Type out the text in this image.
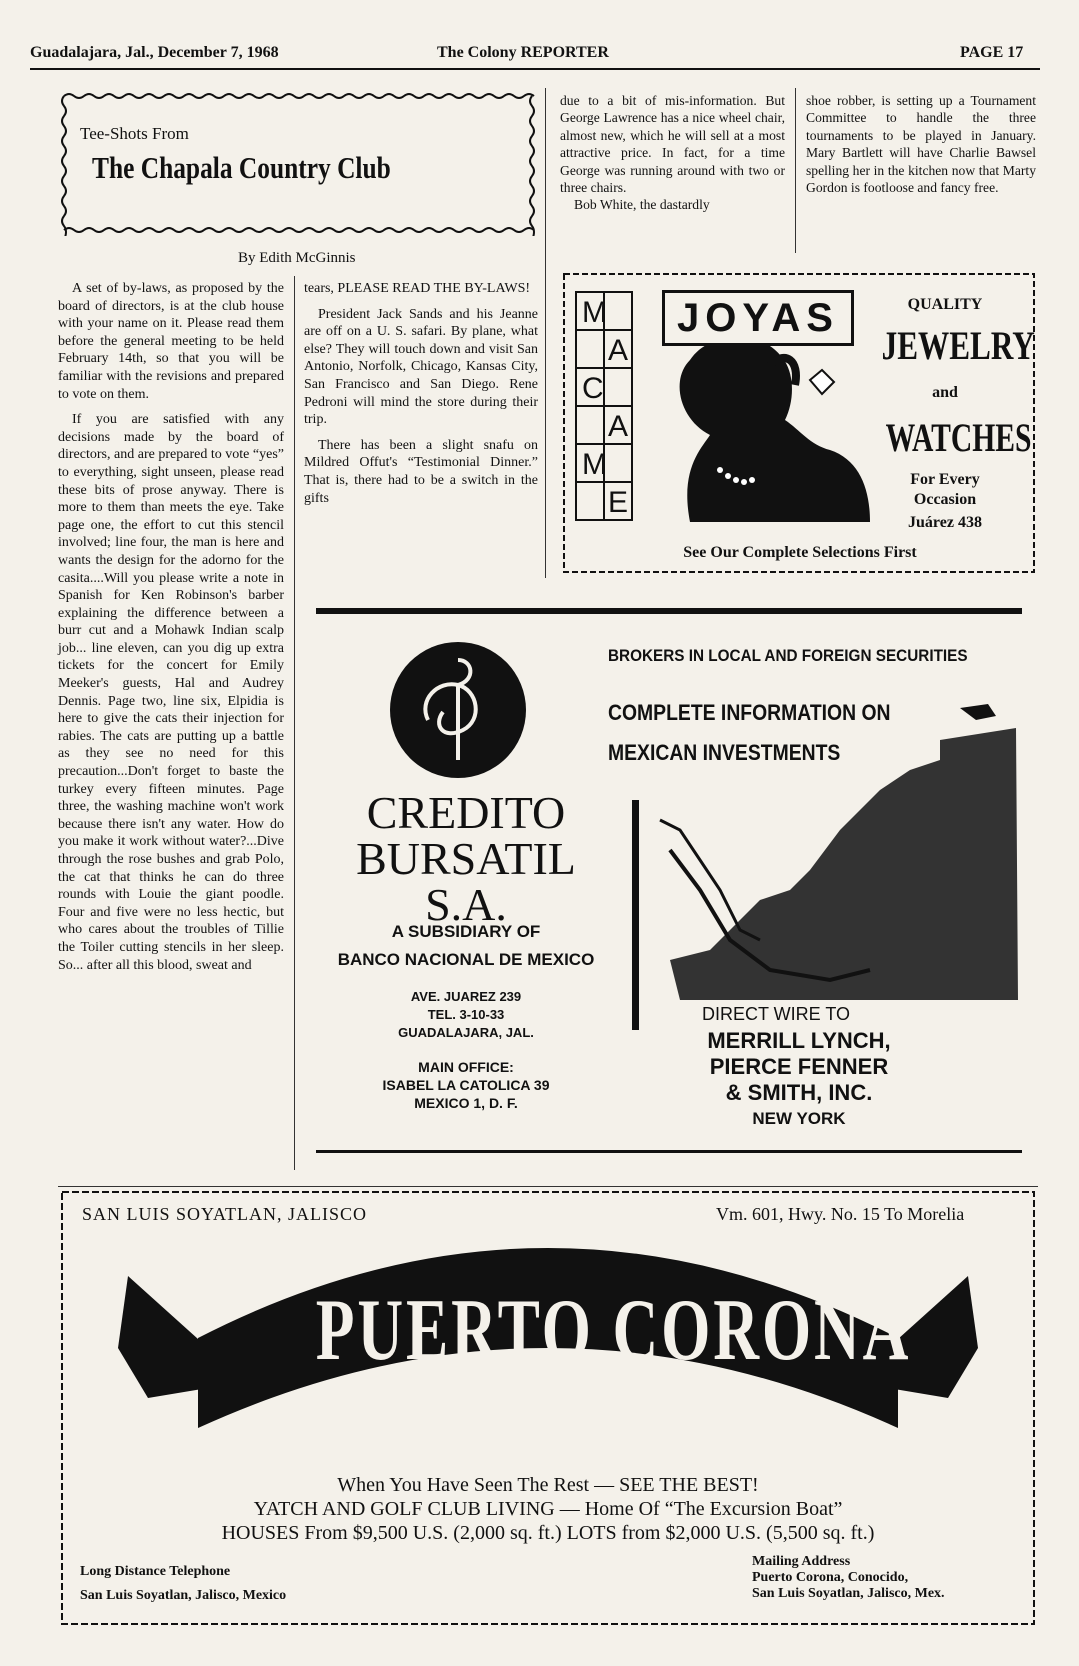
Guadalajara, Jal., December 7, 1968	The Colony REPORTER	PAGE 17
Tee-Shots From
The Chapala Country Club
By Edith McGinnis

A set of by-laws, as proposed by the board of directors, is at the club house with your name on it. Please read them before the general meeting to be held February 14th, so that you will be familiar with the revisions and prepared to vote on them.

If you are satisfied with any decisions made by the board of directors, and are prepared to vote “yes” to everything, sight unseen, please read these bits of prose anyway. There is more to them than meets the eye. Take page one, the effort to cut this stencil involved; line four, the man is here and wants the design for the adorno for the casita....Will you please write a note in Spanish for Ken Robinson's barber explaining the difference between a burr cut and a Mohawk Indian scalp job... line eleven, can you dig up extra tickets for the concert for Emily Meeker's guests, Hal and Audrey Dennis. Page two, line six, Elpidia is here to give the cats their injection for rabies. The cats are putting up a battle as they see no need for this precaution...Don't forget to baste the turkey every fifteen minutes. Page three, the washing machine won't work because there isn't any water. How do you make it work without water?...Dive through the rose bushes and grab Polo, the cat that thinks he can do three rounds with Louie the giant poodle. Four and five were no less hectic, but who cares about the troubles of Tillie the Toiler cutting stencils in her sleep. So... after all this blood, sweat and

tears, PLEASE READ THE BY-LAWS!

President Jack Sands and his Jeanne are off on a U. S. safari. By plane, what else? They will touch down and visit San Antonio, Norfolk, Chicago, Kansas City, San Francisco and San Diego. Rene Pedroni will mind the store during their trip.

There has been a slight snafu on Mildred Offut's “Testimonial Dinner.” That is, there had to be a switch in the gifts

due to a bit of mis-information. But George Lawrence has a nice wheel chair, almost new, which he will sell at a most attractive price. In fact, for a time George was running around with two or three chairs.

Bob White, the dastardly

shoe robber, is setting up a Tournament Committee to handle the three tournaments to be played in January. Mary Bartlett will have Charlie Bawsel spelling her in the kitchen now that Marty Gordon is footloose and fancy free.

JOYAS
M
A
C
A
M
E
QUALITY
JEWELRY
and
WATCHES
For Every Occasion
Juárez 438
See Our Complete Selections First
CREDITO
BURSATIL
S.A.
A SUBSIDIARY OF
BANCO NACIONAL DE MEXICO
AVE. JUAREZ 239
TEL. 3-10-33
GUADALAJARA, JAL.
MAIN OFFICE:
ISABEL LA CATOLICA 39
MEXICO 1, D. F.
BROKERS IN LOCAL AND FOREIGN SECURITIES
COMPLETE INFORMATION ON
MEXICAN INVESTMENTS
DIRECT WIRE TO
MERRILL LYNCH,
PIERCE FENNER
& SMITH, INC.
NEW YORK
SAN LUIS SOYATLAN, JALISCO	Vm. 601, Hwy. No. 15 To Morelia
PUERTO CORONA
When You Have Seen The Rest — SEE THE BEST!
YATCH AND GOLF CLUB LIVING — Home Of “The Excursion Boat”
HOUSES From $9,500 U.S. (2,000 sq. ft.) LOTS from $2,000 U.S. (5,500 sq. ft.)
Long Distance Telephone
San Luis Soyatlan, Jalisco, Mexico
Mailing Address
Puerto Corona, Conocido,
San Luis Soyatlan, Jalisco, Mex.
